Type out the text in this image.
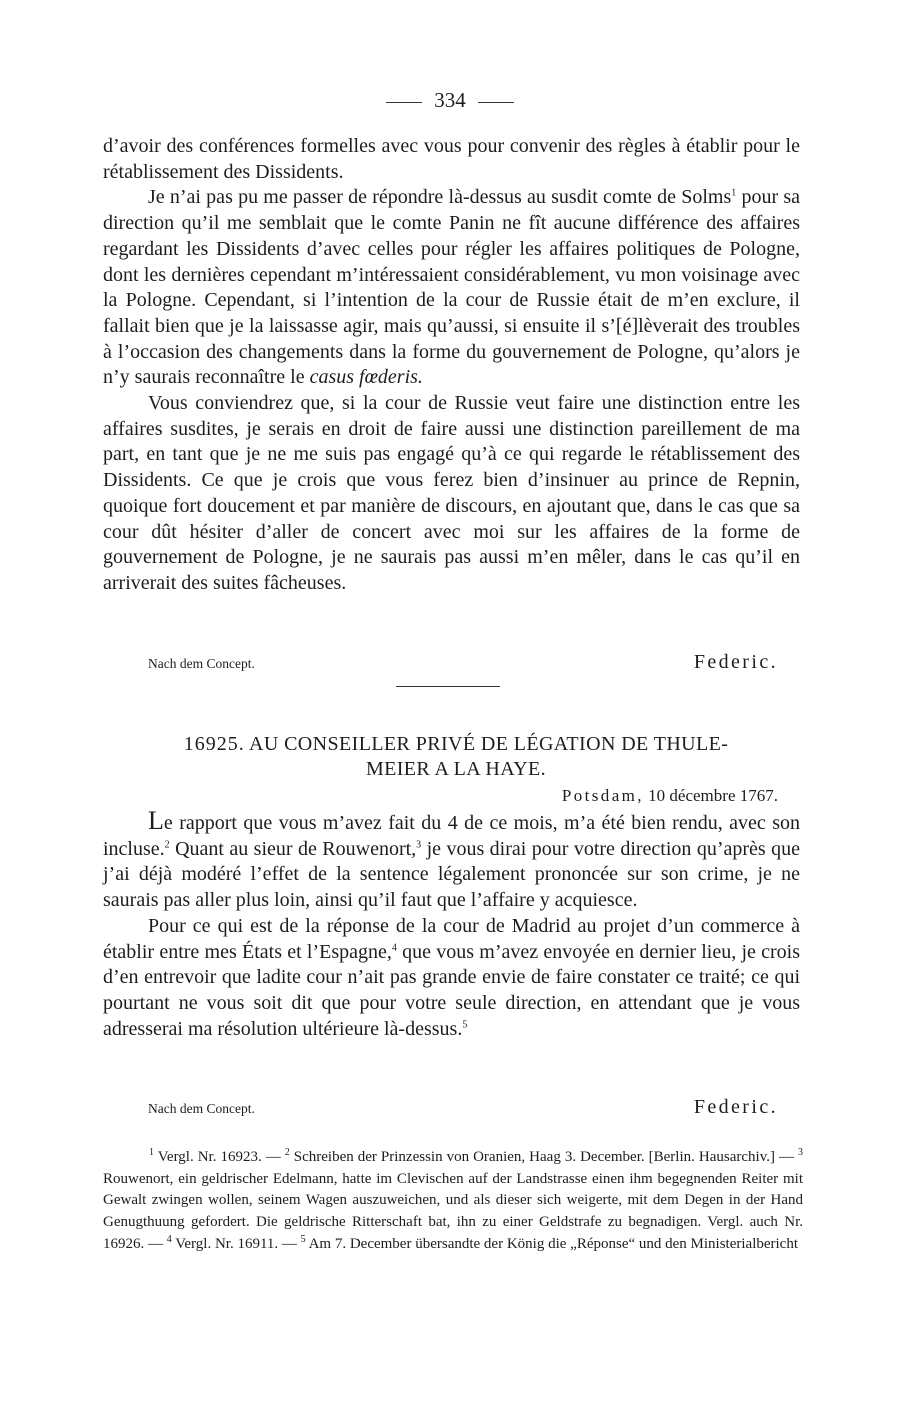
334

d’avoir des conférences formelles avec vous pour convenir des règles à établir pour le rétablissement des Dissidents.

Je n’ai pas pu me passer de répondre là-dessus au susdit comte de Solms$^1$ pour sa direction qu’il me semblait que le comte Panin ne fît aucune différence des affaires regardant les Dissidents d’avec celles pour régler les affaires politiques de Pologne, dont les dernières cependant m’intéressaient considérablement, vu mon voisinage avec la Pologne. Cependant, si l’intention de la cour de Russie était de m’en exclure, il fallait bien que je la laissasse agir, mais qu’aussi, si ensuite il s’[é]lèverait des troubles à l’occasion des changements dans la forme du gouvernement de Pologne, qu’alors je n’y saurais reconnaître le casus fœderis.

Vous conviendrez que, si la cour de Russie veut faire une distinction entre les affaires susdites, je serais en droit de faire aussi une distinction pareillement de ma part, en tant que je ne me suis pas engagé qu’à ce qui regarde le rétablissement des Dissidents. Ce que je crois que vous ferez bien d’insinuer au prince de Repnin, quoique fort doucement et par manière de discours, en ajoutant que, dans le cas que sa cour dût hésiter d’aller de concert avec moi sur les affaires de la forme de gouvernement de Pologne, je ne saurais pas aussi m’en mêler, dans le cas qu’il en arriverait des suites fâcheuses.

Nach dem Concept.	Federic.
16925. AU CONSEILLER PRIVÉ DE LÉGATION DE THULE-
MEIER A LA HAYE.
Potsdam, 10 décembre 1767.

Le rapport que vous m’avez fait du 4 de ce mois, m’a été bien rendu, avec son incluse.$^2$ Quant au sieur de Rouwenort,$^3$ je vous dirai pour votre direction qu’après que j’ai déjà modéré l’effet de la sentence légalement prononcée sur son crime, je ne saurais pas aller plus loin, ainsi qu’il faut que l’affaire y acquiesce.

Pour ce qui est de la réponse de la cour de Madrid au projet d’un commerce à établir entre mes États et l’Espagne,$^4$ que vous m’avez envoyée en dernier lieu, je crois d’en entrevoir que ladite cour n’ait pas grande envie de faire constater ce traité; ce qui pourtant ne vous soit dit que pour votre seule direction, en attendant que je vous adresserai ma résolution ultérieure là-dessus.$^5$

Nach dem Concept.	Federic.

$^1$ Vergl. Nr. 16923. — $^2$ Schreiben der Prinzessin von Oranien, Haag 3. December. [Berlin. Hausarchiv.] — $^3$ Rouwenort, ein geldrischer Edelmann, hatte im Clevischen auf der Landstrasse einen ihm begegnenden Reiter mit Gewalt zwingen wollen, seinem Wagen auszuweichen, und als dieser sich weigerte, mit dem Degen in der Hand Genugthuung gefordert. Die geldrische Ritterschaft bat, ihn zu einer Geldstrafe zu begnadigen. Vergl. auch Nr. 16926. — $^4$ Vergl. Nr. 16911. — $^5$ Am 7. December übersandte der König die „Réponse“ und den Ministerialbericht
